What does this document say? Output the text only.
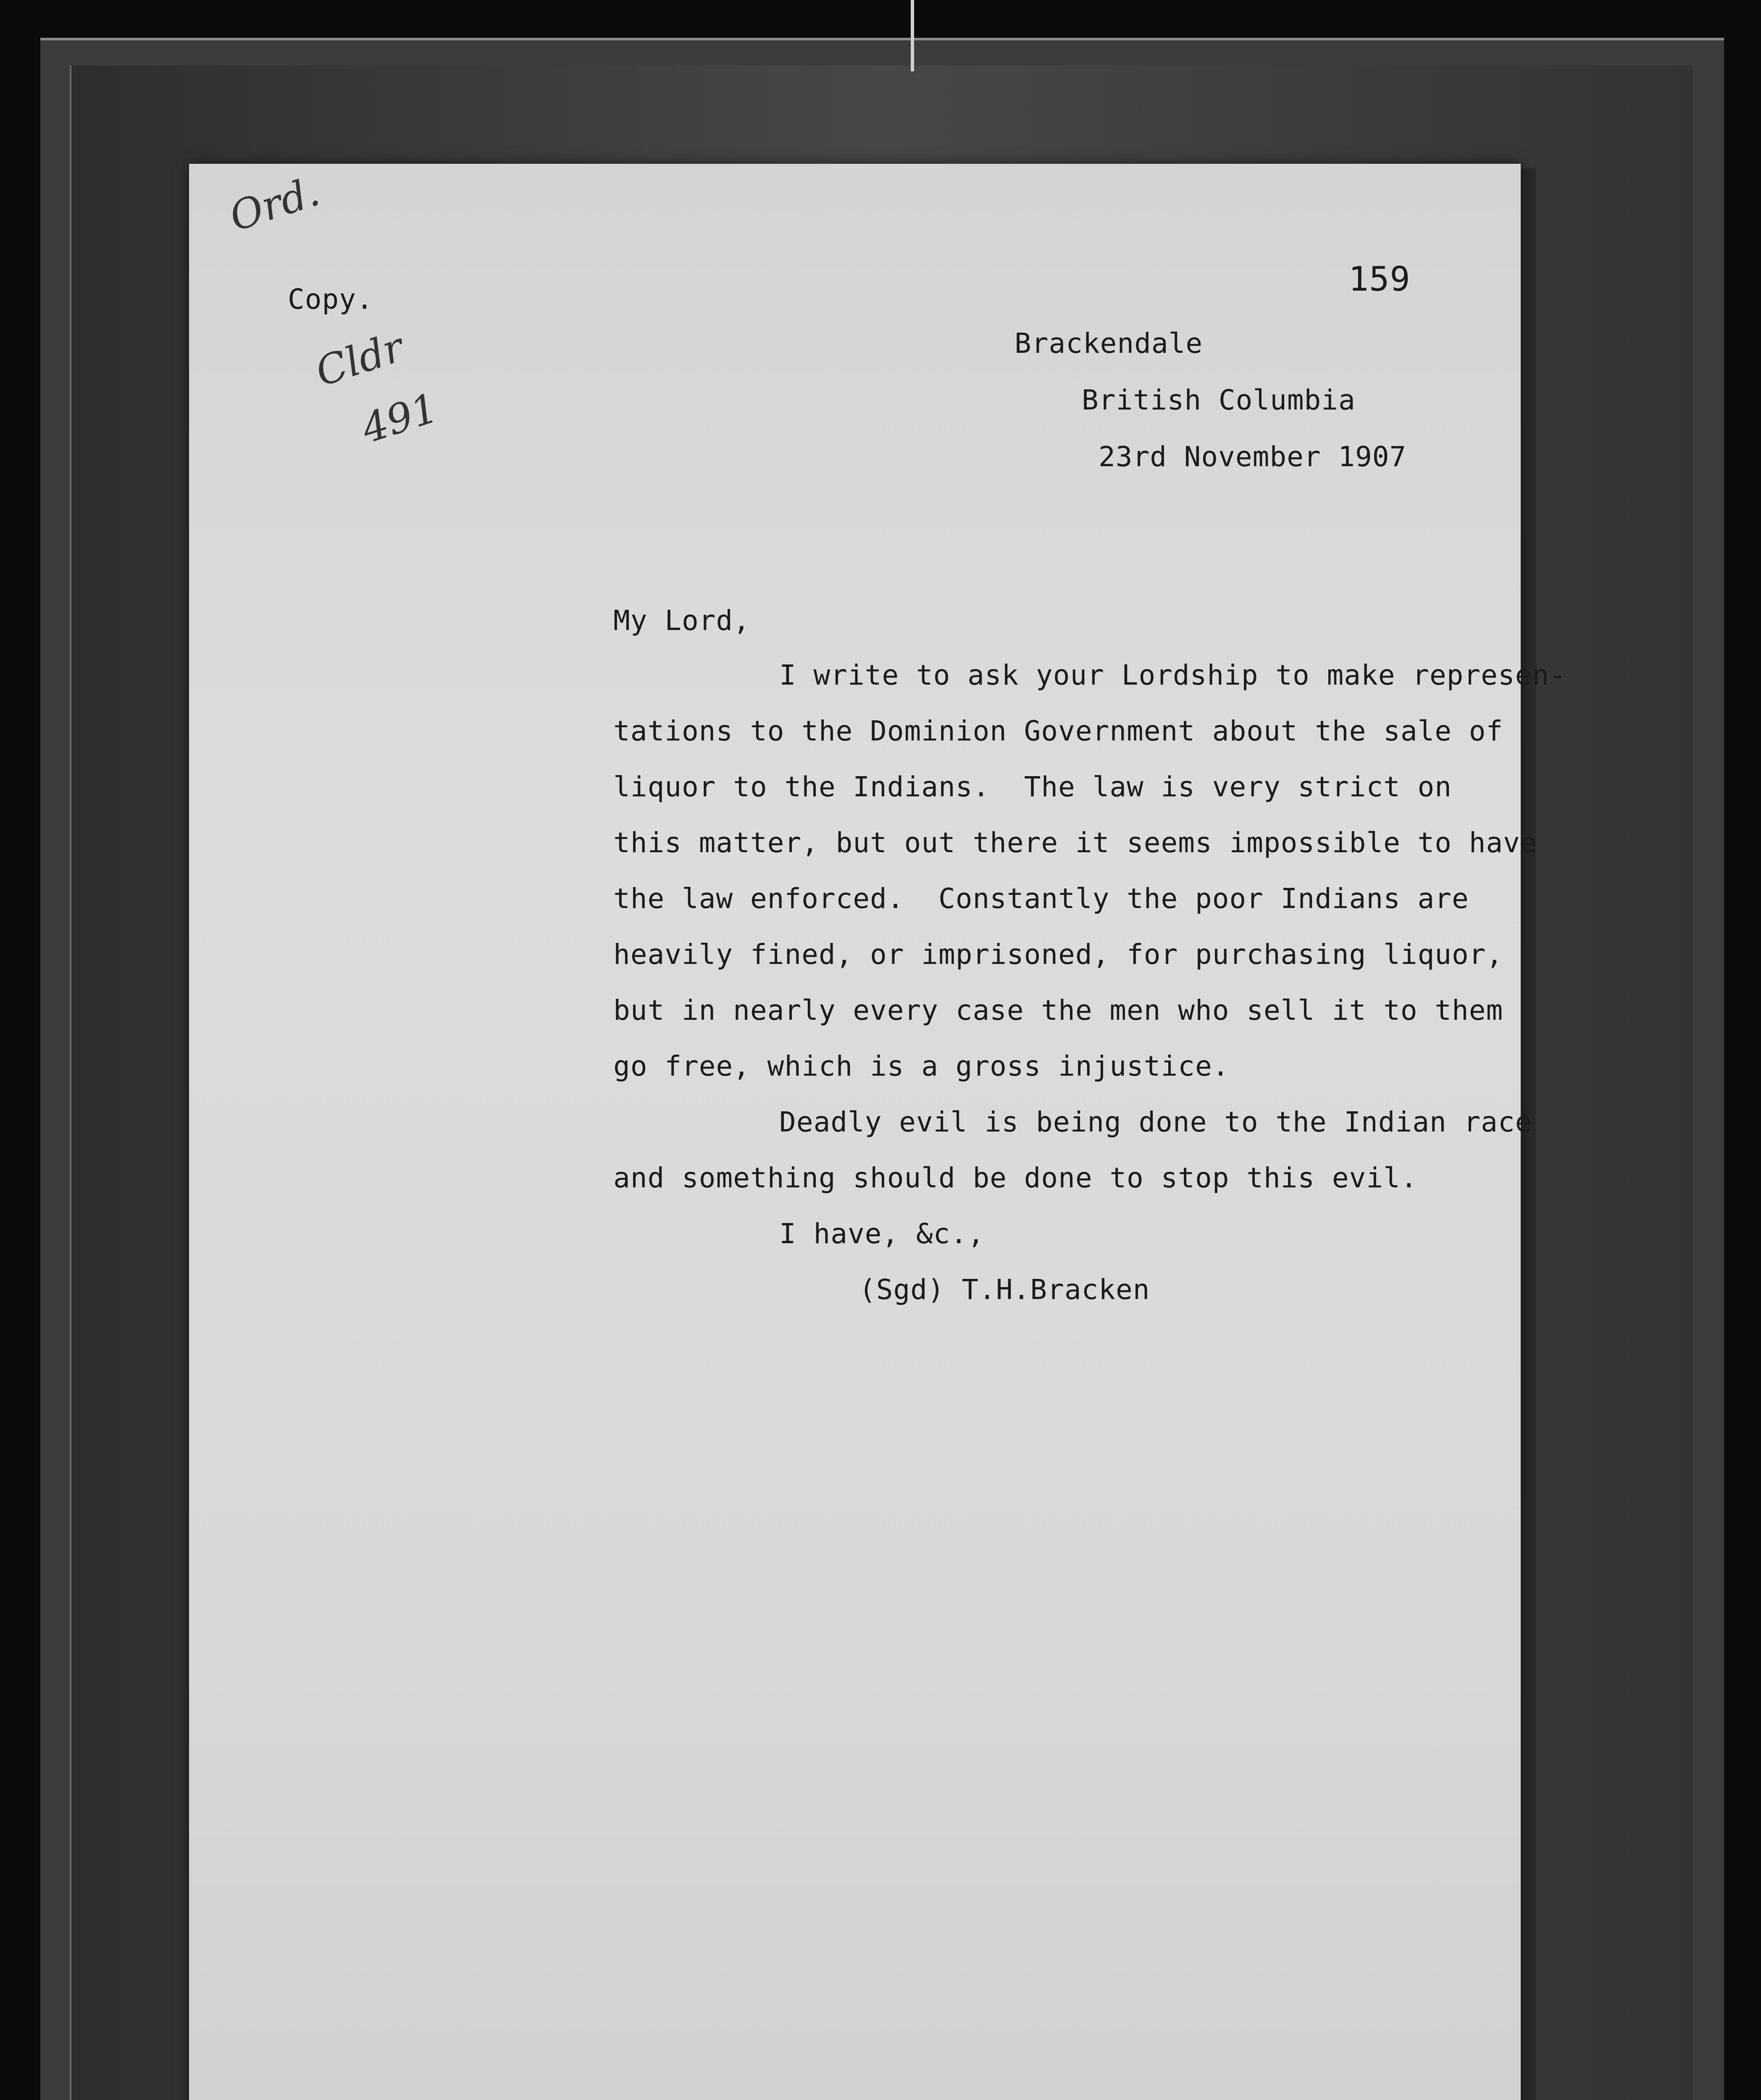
Ord.
Copy.
159
Cldr
491
Brackendale
British Columbia
23rd November 1907
My Lord,
I write to ask your Lordship to make represen-
tations to the Dominion Government about the sale of
liquor to the Indians.  The law is very strict on
this matter, but out there it seems impossible to have
the law enforced.  Constantly the poor Indians are
heavily fined, or imprisoned, for purchasing liquor,
but in nearly every case the men who sell it to them
go free, which is a gross injustice.
Deadly evil is being done to the Indian race
and something should be done to stop this evil.
I have, &c.,
(Sgd) T.H.Bracken
